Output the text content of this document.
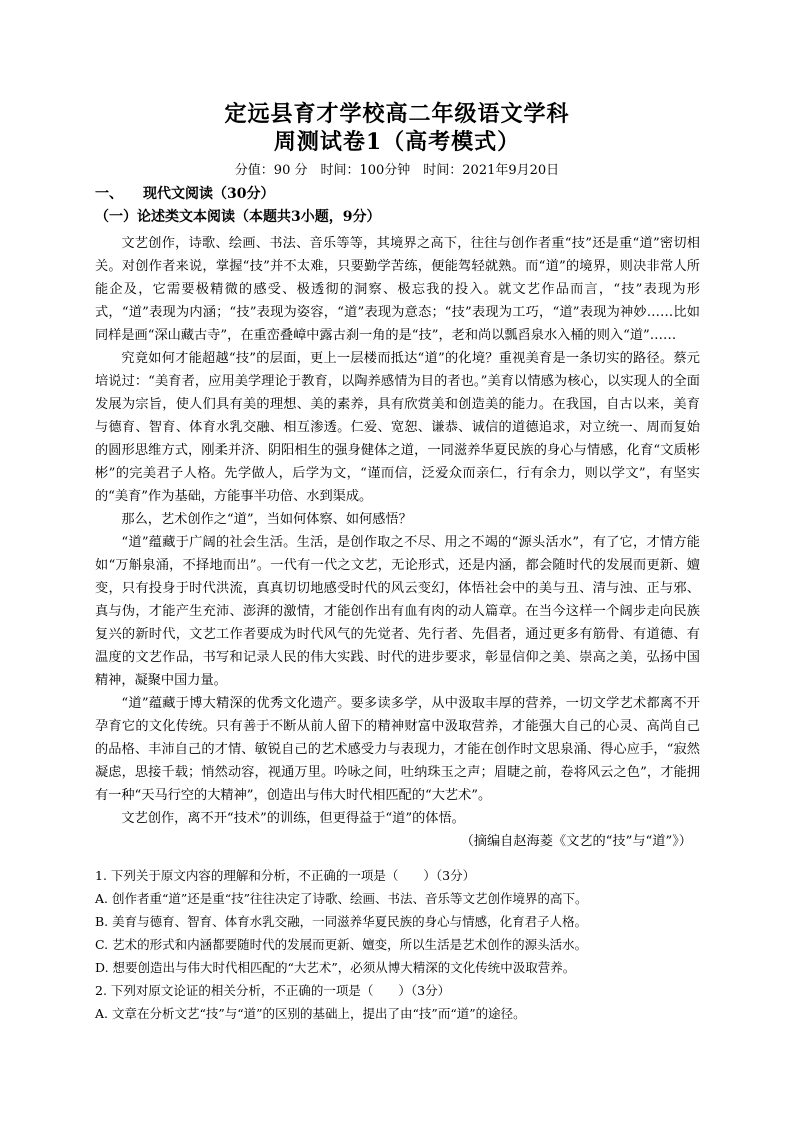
定远县育才学校高二年级语文学科
周测试卷1（高考模式）
分值：90 分　时间：100分钟　时间：2021年9月20日
一、 现代文阅读（30分）
（一）论述类文本阅读（本题共3小题，9分）

文艺创作，诗歌、绘画、书法、音乐等等，其境界之高下，往往与创作者重“技”还是重“道”密切相关。对创作者来说，掌握“技”并不太难，只要勤学苦练，便能驾轻就熟。而“道”的境界，则决非常人所能企及，它需要极精微的感受、极透彻的洞察、极忘我的投入。就文艺作品而言，“技”表现为形式，“道”表现为内涵；“技”表现为姿容，“道”表现为意态；“技”表现为工巧，“道”表现为神妙……比如同样是画“深山藏古寺”，在重峦叠嶂中露古刹一角的是“技”，老和尚以瓢舀泉水入桶的则入“道”……

究竟如何才能超越“技”的层面，更上一层楼而抵达“道”的化境？重视美育是一条切实的路径。蔡元培说过：“美育者，应用美学理论于教育，以陶养感情为目的者也。”美育以情感为核心，以实现人的全面发展为宗旨，使人们具有美的理想、美的素养，具有欣赏美和创造美的能力。在我国，自古以来，美育与德育、智育、体育水乳交融、相互渗透。仁爱、宽恕、谦恭、诚信的道德追求，对立统一、周而复始的圆形思维方式，刚柔并济、阴阳相生的强身健体之道，一同滋养华夏民族的身心与情感，化育“文质彬彬”的完美君子人格。先学做人，后学为文，“谨而信，泛爱众而亲仁，行有余力，则以学文”，有坚实的“美育”作为基础，方能事半功倍、水到渠成。

那么，艺术创作之“道”，当如何体察、如何感悟？

“道”蕴藏于广阔的社会生活。生活，是创作取之不尽、用之不竭的“源头活水”，有了它，才情方能如“万斛泉涌，不择地而出”。一代有一代之文艺，无论形式，还是内涵，都会随时代的发展而更新、嬗变，只有投身于时代洪流，真真切切地感受时代的风云变幻，体悟社会中的美与丑、清与浊、正与邪、真与伪，才能产生充沛、澎湃的激情，才能创作出有血有肉的动人篇章。在当今这样一个阔步走向民族复兴的新时代，文艺工作者要成为时代风气的先觉者、先行者、先倡者，通过更多有筋骨、有道德、有温度的文艺作品，书写和记录人民的伟大实践、时代的进步要求，彰显信仰之美、崇高之美，弘扬中国精神，凝聚中国力量。

“道”蕴藏于博大精深的优秀文化遗产。要多读多学，从中汲取丰厚的营养，一切文学艺术都离不开孕育它的文化传统。只有善于不断从前人留下的精神财富中汲取营养，才能强大自己的心灵、高尚自己的品格、丰沛自己的才情、敏锐自己的艺术感受力与表现力，才能在创作时文思泉涌、得心应手，“寂然凝虑，思接千载；悄然动容，视通万里。吟咏之间，吐纳珠玉之声；眉睫之前，卷将风云之色”，才能拥有一种“天马行空的大精神”，创造出与伟大时代相匹配的“大艺术”。

文艺创作，离不开“技术”的训练，但更得益于“道”的体悟。

（摘编自赵海菱《文艺的“技”与“道”》）

1. 下列关于原文内容的理解和分析，不正确的一项是（　　）（3分）
A. 创作者重“道”还是重“技”往往决定了诗歌、绘画、书法、音乐等文艺创作境界的高下。
B. 美育与德育、智育、体育水乳交融，一同滋养华夏民族的身心与情感，化育君子人格。
C. 艺术的形式和内涵都要随时代的发展而更新、嬗变，所以生活是艺术创作的源头活水。
D. 想要创造出与伟大时代相匹配的“大艺术”，必须从博大精深的文化传统中汲取营养。
2. 下列对原文论证的相关分析，不正确的一项是（　　）（3分）
A. 文章在分析文艺“技”与“道”的区别的基础上，提出了由“技”而“道”的途径。
